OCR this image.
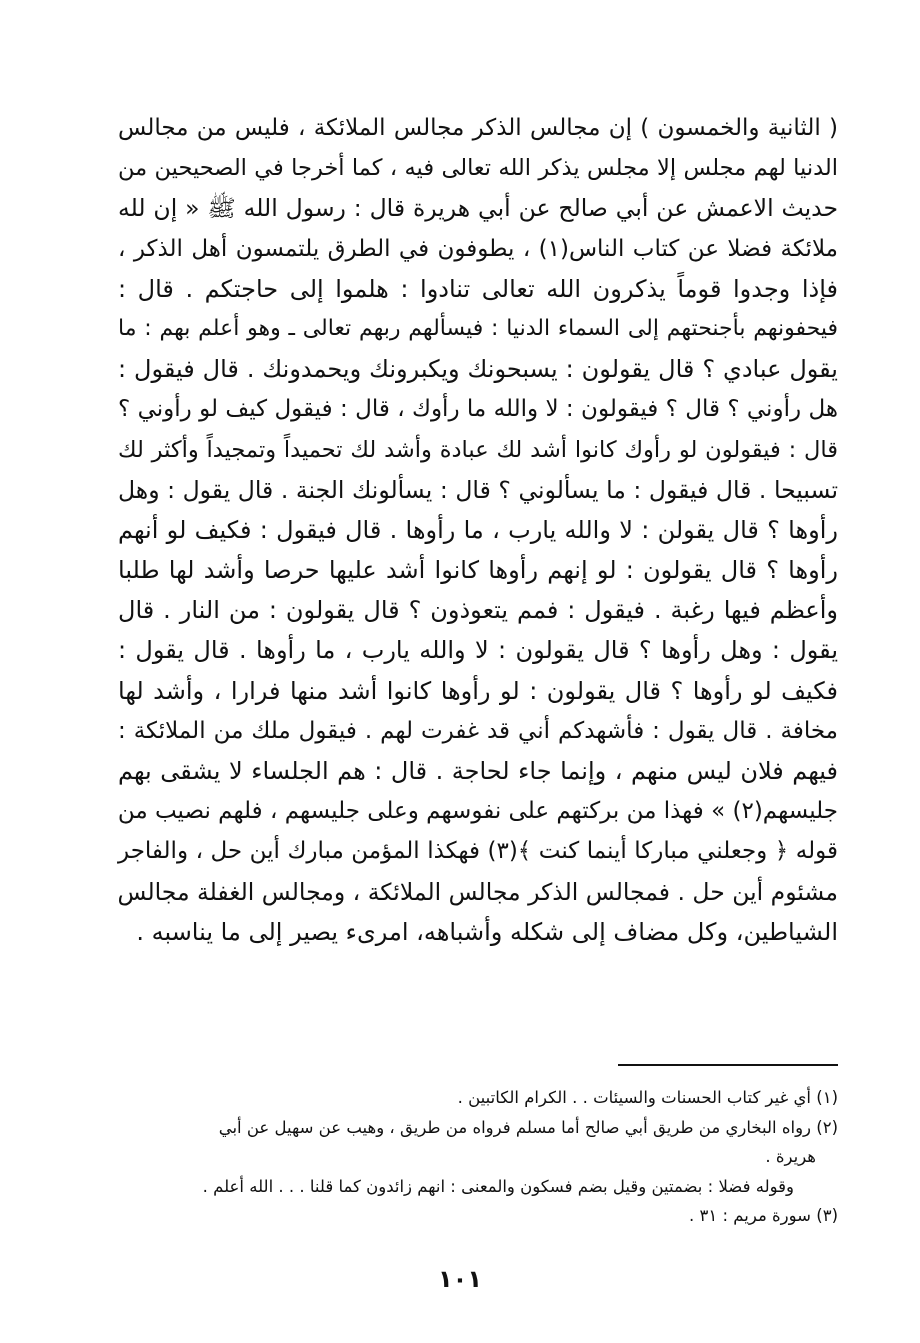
( الثانية والخمسون ) إن مجالس الذكر مجالس الملائكة ، فليس من مجالس
الدنيا لهم مجلس إلا مجلس يذكر الله تعالى فيه ، كما أخرجا في الصحيحين من
حديث الاعمش عن أبي صالح عن أبي هريرة قال : رسول الله ﷺ « إن لله
ملائكة فضلا عن كتاب الناس(١) ، يطوفون في الطرق يلتمسون أهل الذكر ،
فإذا وجدوا قوماً يذكرون الله تعالى تنادوا : هلموا إلى حاجتكم . قال :
فيحفونهم بأجنحتهم إلى السماء الدنيا : فيسألهم ربهم تعالى ـ وهو أعلم بهم : ما
يقول عبادي ؟ قال يقولون : يسبحونك ويكبرونك ويحمدونك . قال فيقول :
هل رأوني ؟ قال ؟ فيقولون : لا والله ما رأوك ، قال : فيقول كيف لو رأوني ؟
قال : فيقولون لو رأوك كانوا أشد لك عبادة وأشد لك تحميداً وتمجيداً وأكثر لك
تسبيحا . قال فيقول : ما يسألوني ؟ قال : يسألونك الجنة . قال يقول : وهل
رأوها ؟ قال يقولن : لا والله يارب ، ما رأوها . قال فيقول : فكيف لو أنهم
رأوها ؟ قال يقولون : لو إنهم رأوها كانوا أشد عليها حرصا وأشد لها طلبا
وأعظم فيها رغبة . فيقول : فمم يتعوذون ؟ قال يقولون : من النار . قال
يقول : وهل رأوها ؟ قال يقولون : لا والله يارب ، ما رأوها . قال يقول :
فكيف لو رأوها ؟ قال يقولون : لو رأوها كانوا أشد منها فرارا ، وأشد لها
مخافة . قال يقول : فأشهدكم أني قد غفرت لهم . فيقول ملك من الملائكة :
فيهم فلان ليس منهم ، وإنما جاء لحاجة . قال : هم الجلساء لا يشقى بهم
جليسهم(٢) » فهذا من بركتهم على نفوسهم وعلى جليسهم ، فلهم نصيب من
قوله ﴿ وجعلني مباركا أينما كنت ﴾(٣) فهكذا المؤمن مبارك أين حل ، والفاجر
مشئوم أين حل . فمجالس الذكر مجالس الملائكة ، ومجالس الغفلة مجالس
الشياطين، وكل مضاف إلى شكله وأشباهه، امرىء يصير إلى ما يناسبه .
(١) أي غير كتاب الحسنات والسيئات . . الكرام الكاتبين .
(٢) رواه البخاري من طريق أبي صالح أما مسلم فرواه من طريق ، وهيب عن سهيل عن أبي
هريرة .
وقوله فضلا : بضمتين وقيل بضم فسكون والمعنى : انهم زائدون كما قلنا . . . الله أعلم .
(٣) سورة مريم : ٣١ .
١٠١
